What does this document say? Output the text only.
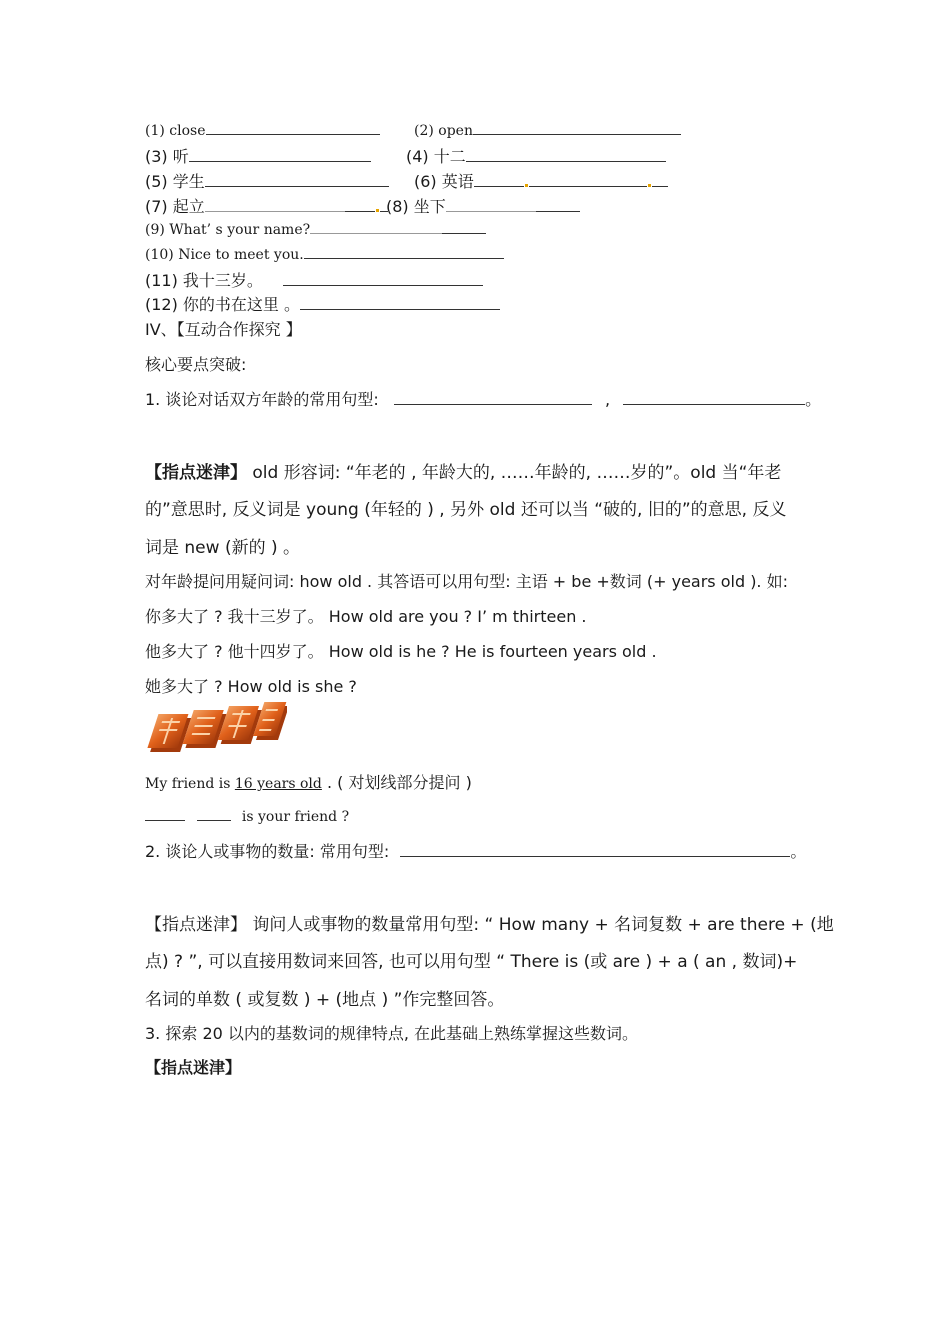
(1) close	(2) open
(3) 听	(4) 十二
(5) 学生	(6) 英语
(7) 起立	(8) 坐下
(9) What’ s your name?
(10) Nice to meet you.
(11) 我十三岁。
(12) 你的书在这里 。
IV、【互动合作探究 】
核心要点突破:
1. 谈论对话双方年龄的常用句型:	,	。
【指点迷津】 old 形容词: “年老的 , 年龄大的, ……年龄的, ……岁的”。old 当“年老
的”意思时, 反义词是 young (年轻的 ) , 另外 old 还可以当 “破的, 旧的”的意思, 反义
词是 new (新的 ) 。
对年龄提问用疑问词: how old . 其答语可以用句型: 主语 + be +数词 (+ years old ). 如:
你多大了 ? 我十三岁了。 How old are you ? I’ m thirteen .
他多大了 ? 他十四岁了。 How old is he ? He is fourteen years old .
她多大了 ? How old is she ?
My friend is 16 years old . ( 对划线部分提问 )
is your friend ?
2. 谈论人或事物的数量: 常用句型:	。
【指点迷津】 询问人或事物的数量常用句型: “ How many + 名词复数 + are there + (地
点) ? ”, 可以直接用数词来回答, 也可以用句型 “ There is (或 are ) + a ( an , 数词)+
名词的单数 ( 或复数 ) + (地点 ) ”作完整回答。
3. 探索 20 以内的基数词的规律特点, 在此基础上熟练掌握这些数词。
【指点迷津】
